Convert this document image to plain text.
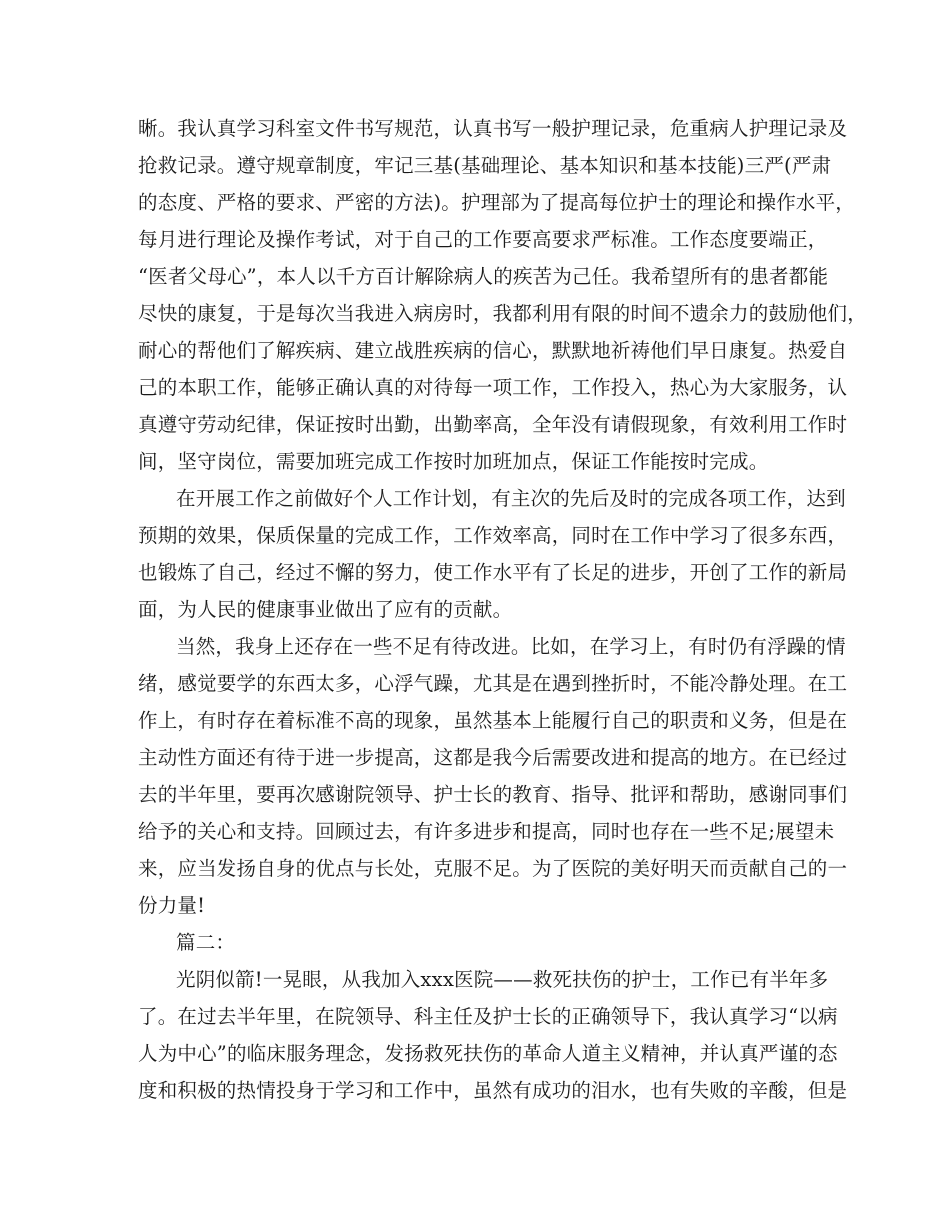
晰。我认真学习科室文件书写规范，认真书写一般护理记录，危重病人护理记录及
抢救记录。遵守规章制度，牢记三基(基础理论、基本知识和基本技能)三严(严肃
的态度、严格的要求、严密的方法)。护理部为了提高每位护士的理论和操作水平，
每月进行理论及操作考试，对于自己的工作要高要求严标准。工作态度要端正，
“医者父母心”，本人以千方百计解除病人的疾苦为己任。我希望所有的患者都能
尽快的康复，于是每次当我进入病房时，我都利用有限的时间不遗余力的鼓励他们，
耐心的帮他们了解疾病、建立战胜疾病的信心，默默地祈祷他们早日康复。热爱自
己的本职工作，能够正确认真的对待每一项工作，工作投入，热心为大家服务，认
真遵守劳动纪律，保证按时出勤，出勤率高，全年没有请假现象，有效利用工作时
间，坚守岗位，需要加班完成工作按时加班加点，保证工作能按时完成。
在开展工作之前做好个人工作计划，有主次的先后及时的完成各项工作，达到
预期的效果，保质保量的完成工作，工作效率高，同时在工作中学习了很多东西，
也锻炼了自己，经过不懈的努力，使工作水平有了长足的进步，开创了工作的新局
面，为人民的健康事业做出了应有的贡献。
当然，我身上还存在一些不足有待改进。比如，在学习上，有时仍有浮躁的情
绪，感觉要学的东西太多，心浮气躁，尤其是在遇到挫折时，不能冷静处理。在工
作上，有时存在着标准不高的现象，虽然基本上能履行自己的职责和义务，但是在
主动性方面还有待于进一步提高，这都是我今后需要改进和提高的地方。在已经过
去的半年里，要再次感谢院领导、护士长的教育、指导、批评和帮助，感谢同事们
给予的关心和支持。回顾过去，有许多进步和提高，同时也存在一些不足;展望未
来，应当发扬自身的优点与长处，克服不足。为了医院的美好明天而贡献自己的一
份力量!
篇二：
光阴似箭!一晃眼，从我加入xxx医院——救死扶伤的护士，工作已有半年多
了。在过去半年里，在院领导、科主任及护士长的正确领导下，我认真学习“以病
人为中心”的临床服务理念，发扬救死扶伤的革命人道主义精神，并认真严谨的态
度和积极的热情投身于学习和工作中，虽然有成功的泪水，也有失败的辛酸，但是
